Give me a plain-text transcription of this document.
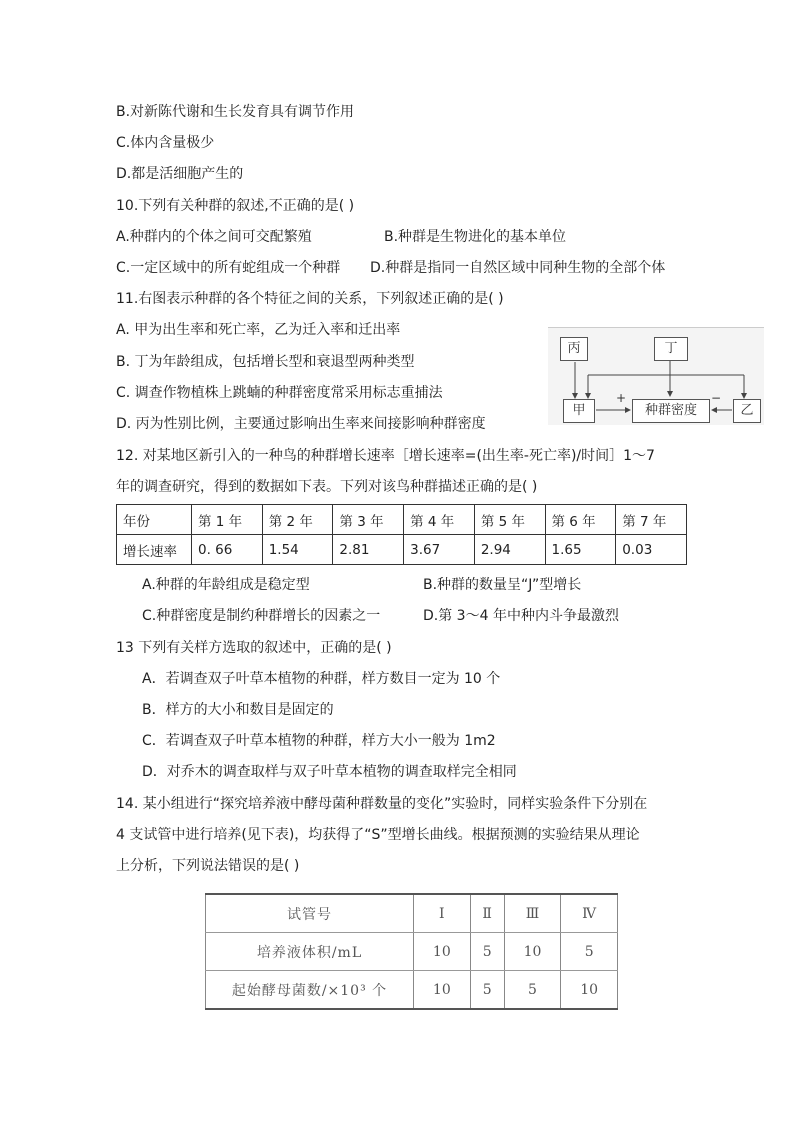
B.对新陈代谢和生长发育具有调节作用
C.体内含量极少
D.都是活细胞产生的
10.下列有关种群的叙述,不正确的是( )
A.种群内的个体之间可交配繁殖	B.种群是生物进化的基本单位
C.一定区域中的所有蛇组成一个种群 D.种群是指同一自然区域中同种生物的全部个体
11.右图表示种群的各个特征之间的关系，下列叙述正确的是( )
A. 甲为出生率和死亡率，乙为迁入率和迁出率
B. 丁为年龄组成，包括增长型和衰退型两种类型
C. 调查作物植株上跳蝻的种群密度常采用标志重捕法
D. 丙为性别比例，主要通过影响出生率来间接影响种群密度
丙	丁
甲	种群密度	乙
+	−
12. 对某地区新引入的一种鸟的种群增长速率［增长速率=(出生率-死亡率)/时间］1～7
年的调查研究，得到的数据如下表。下列对该鸟种群描述正确的是( )
年份	第 1 年	第 2 年	第 3 年	第 4 年	第 5 年	第 6 年	第 7 年
增长速率	0. 66	1.54	2.81	3.67	2.94	1.65	0.03
A.种群的年龄组成是稳定型	B.种群的数量呈“J”型增长
C.种群密度是制约种群增长的因素之一	D.第 3～4 年中种内斗争最激烈
13 下列有关样方选取的叙述中，正确的是( )
A．若调查双子叶草本植物的种群，样方数目一定为 10 个
B．样方的大小和数目是固定的
C．若调查双子叶草本植物的种群，样方大小一般为 1m2
D．对乔木的调查取样与双子叶草本植物的调查取样完全相同
14. 某小组进行“探究培养液中酵母菌种群数量的变化”实验时，同样实验条件下分别在
4 支试管中进行培养(见下表)，均获得了“S”型增长曲线。根据预测的实验结果从理论
上分析，下列说法错误的是( )
试管号	Ⅰ	Ⅱ	Ⅲ	Ⅳ
培养液体积/mL	10	5	10	5
起始酵母菌数/×10³ 个	10	5	5	10
